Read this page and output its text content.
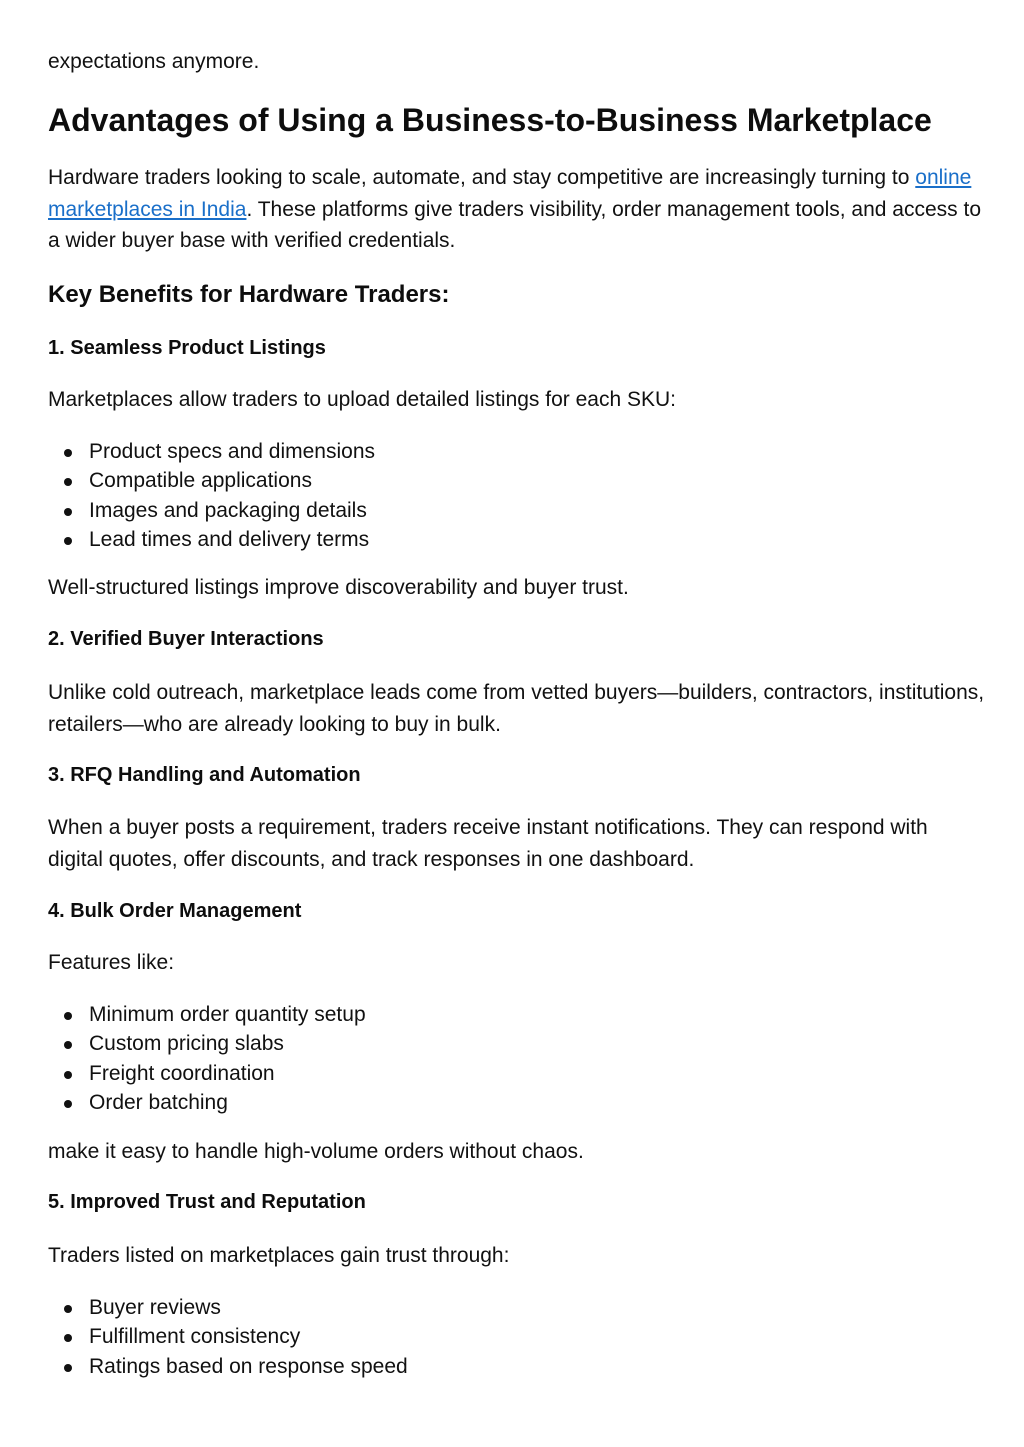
expectations anymore.

Advantages of Using a Business-to-Business Marketplace

Hardware traders looking to scale, automate, and stay competitive are increasingly turning to online marketplaces in India. These platforms give traders visibility, order management tools, and access to a wider buyer base with verified credentials.

Key Benefits for Hardware Traders:
1. Seamless Product Listings

Marketplaces allow traders to upload detailed listings for each SKU:

Product specs and dimensions
Compatible applications
Images and packaging details
Lead times and delivery terms

Well-structured listings improve discoverability and buyer trust.

2. Verified Buyer Interactions

Unlike cold outreach, marketplace leads come from vetted buyers—builders, contractors, institutions, retailers—who are already looking to buy in bulk.

3. RFQ Handling and Automation

When a buyer posts a requirement, traders receive instant notifications. They can respond with digital quotes, offer discounts, and track responses in one dashboard.

4. Bulk Order Management

Features like:

Minimum order quantity setup
Custom pricing slabs
Freight coordination
Order batching

make it easy to handle high-volume orders without chaos.

5. Improved Trust and Reputation

Traders listed on marketplaces gain trust through:

Buyer reviews
Fulfillment consistency
Ratings based on response speed
